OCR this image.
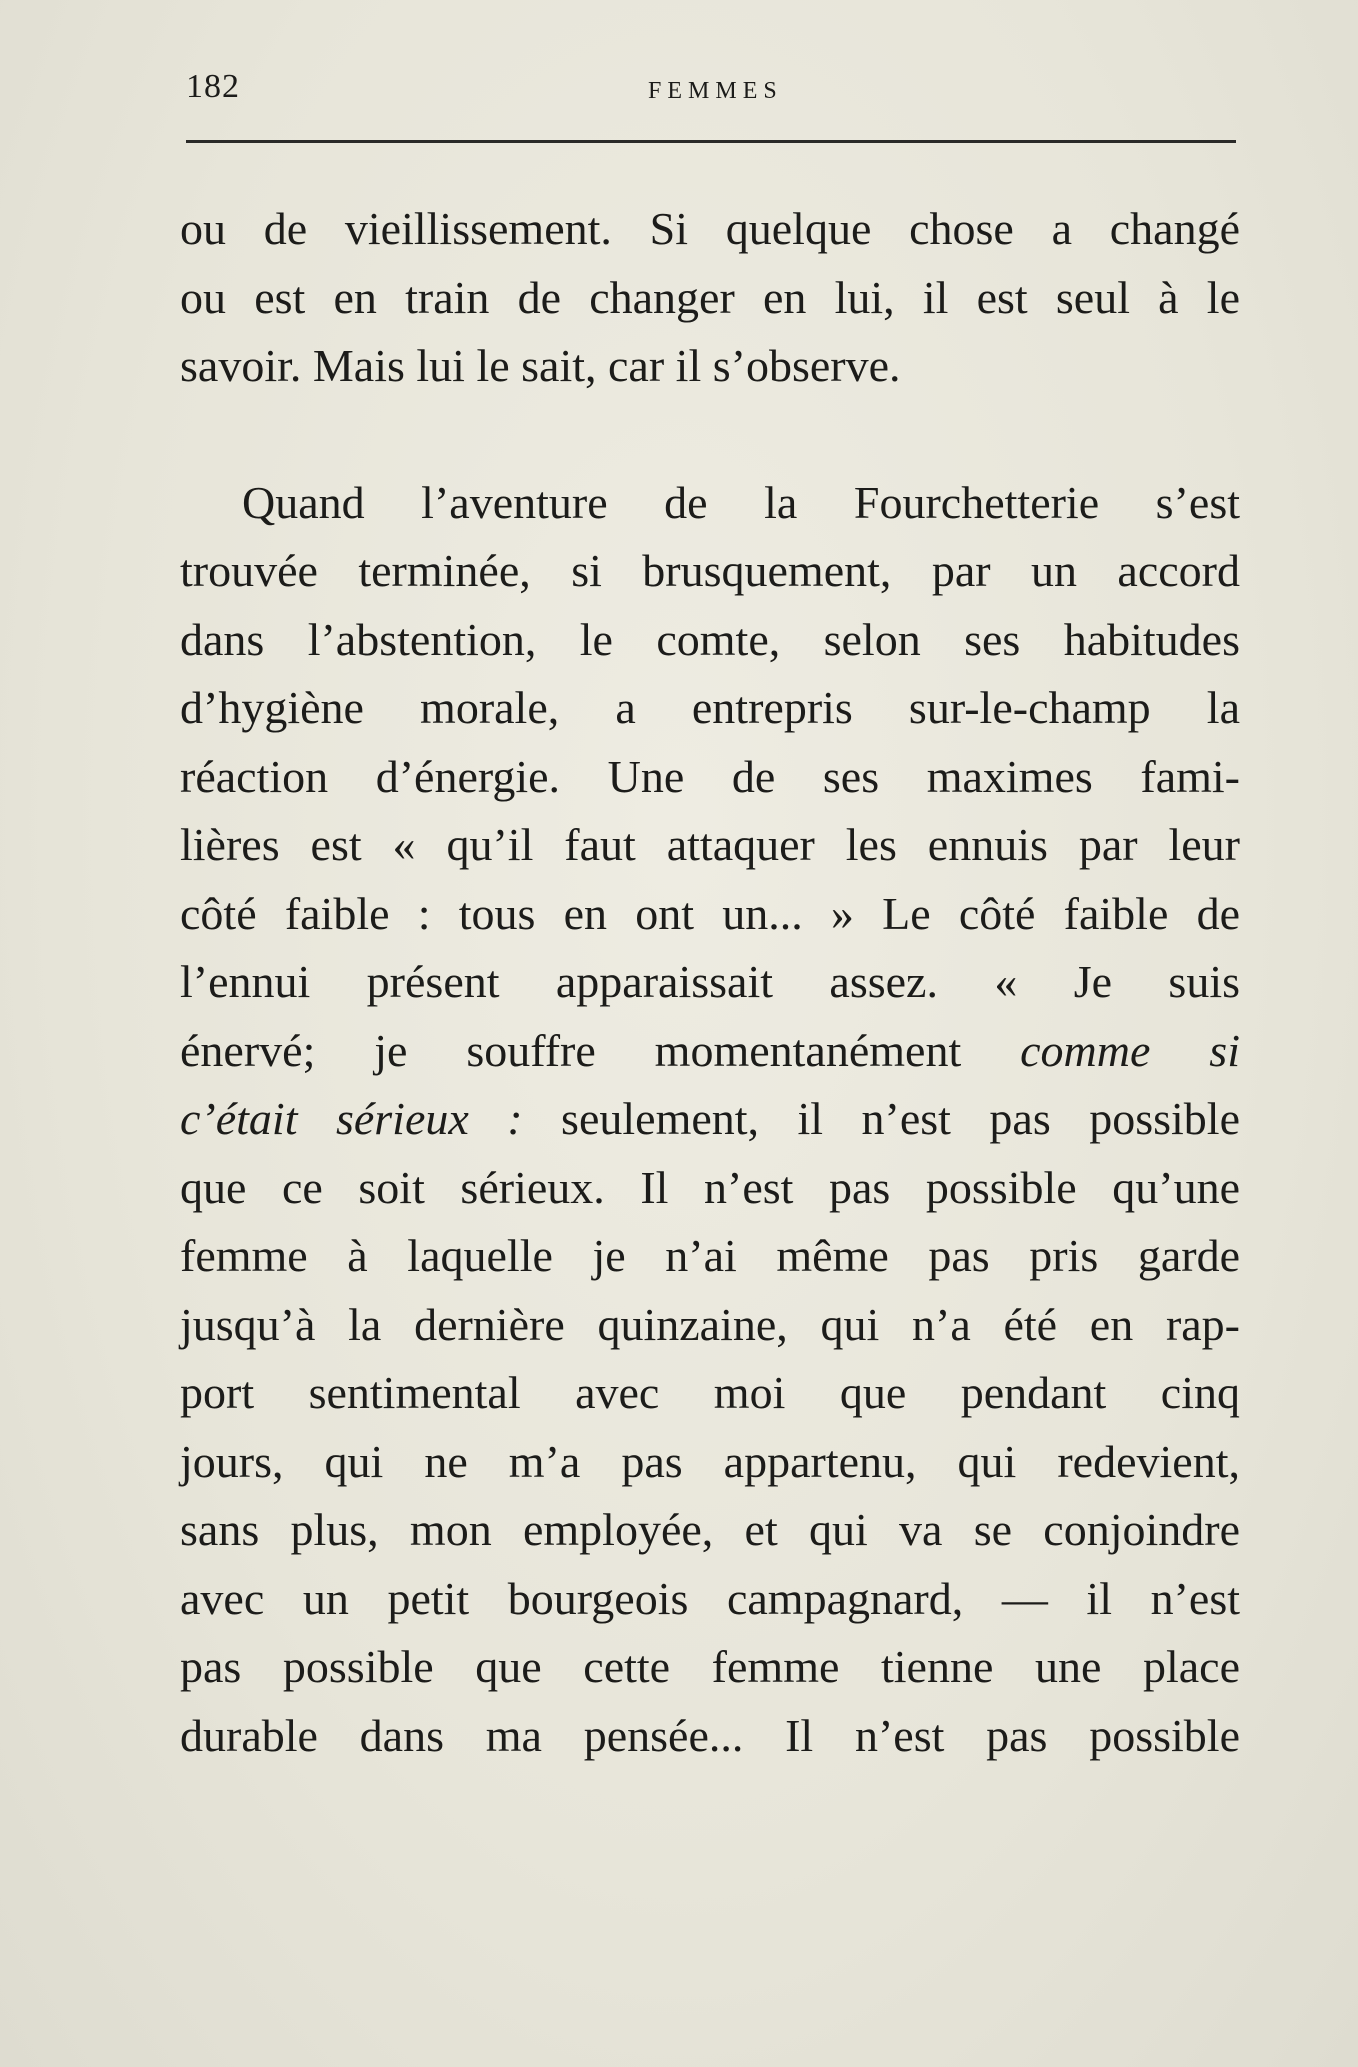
182	FEMMES
ou de vieillissement. Si quelque chose a changé
ou est en train de changer en lui, il est seul à le
savoir. Mais lui le sait, car il s’observe.
Quand l’aventure de la Fourchetterie s’est
trouvée terminée, si brusquement, par un accord
dans l’abstention, le comte, selon ses habitudes
d’hygiène morale, a entrepris sur-le-champ la
réaction d’énergie. Une de ses maximes fami-
lières est « qu’il faut attaquer les ennuis par leur
côté faible : tous en ont un... » Le côté faible de
l’ennui présent apparaissait assez. « Je suis
énervé; je souffre momentanément comme si
c’était sérieux : seulement, il n’est pas possible
que ce soit sérieux. Il n’est pas possible qu’une
femme à laquelle je n’ai même pas pris garde
jusqu’à la dernière quinzaine, qui n’a été en rap-
port sentimental avec moi que pendant cinq
jours, qui ne m’a pas appartenu, qui redevient,
sans plus, mon employée, et qui va se conjoindre
avec un petit bourgeois campagnard, — il n’est
pas possible que cette femme tienne une place
durable dans ma pensée... Il n’est pas possible
